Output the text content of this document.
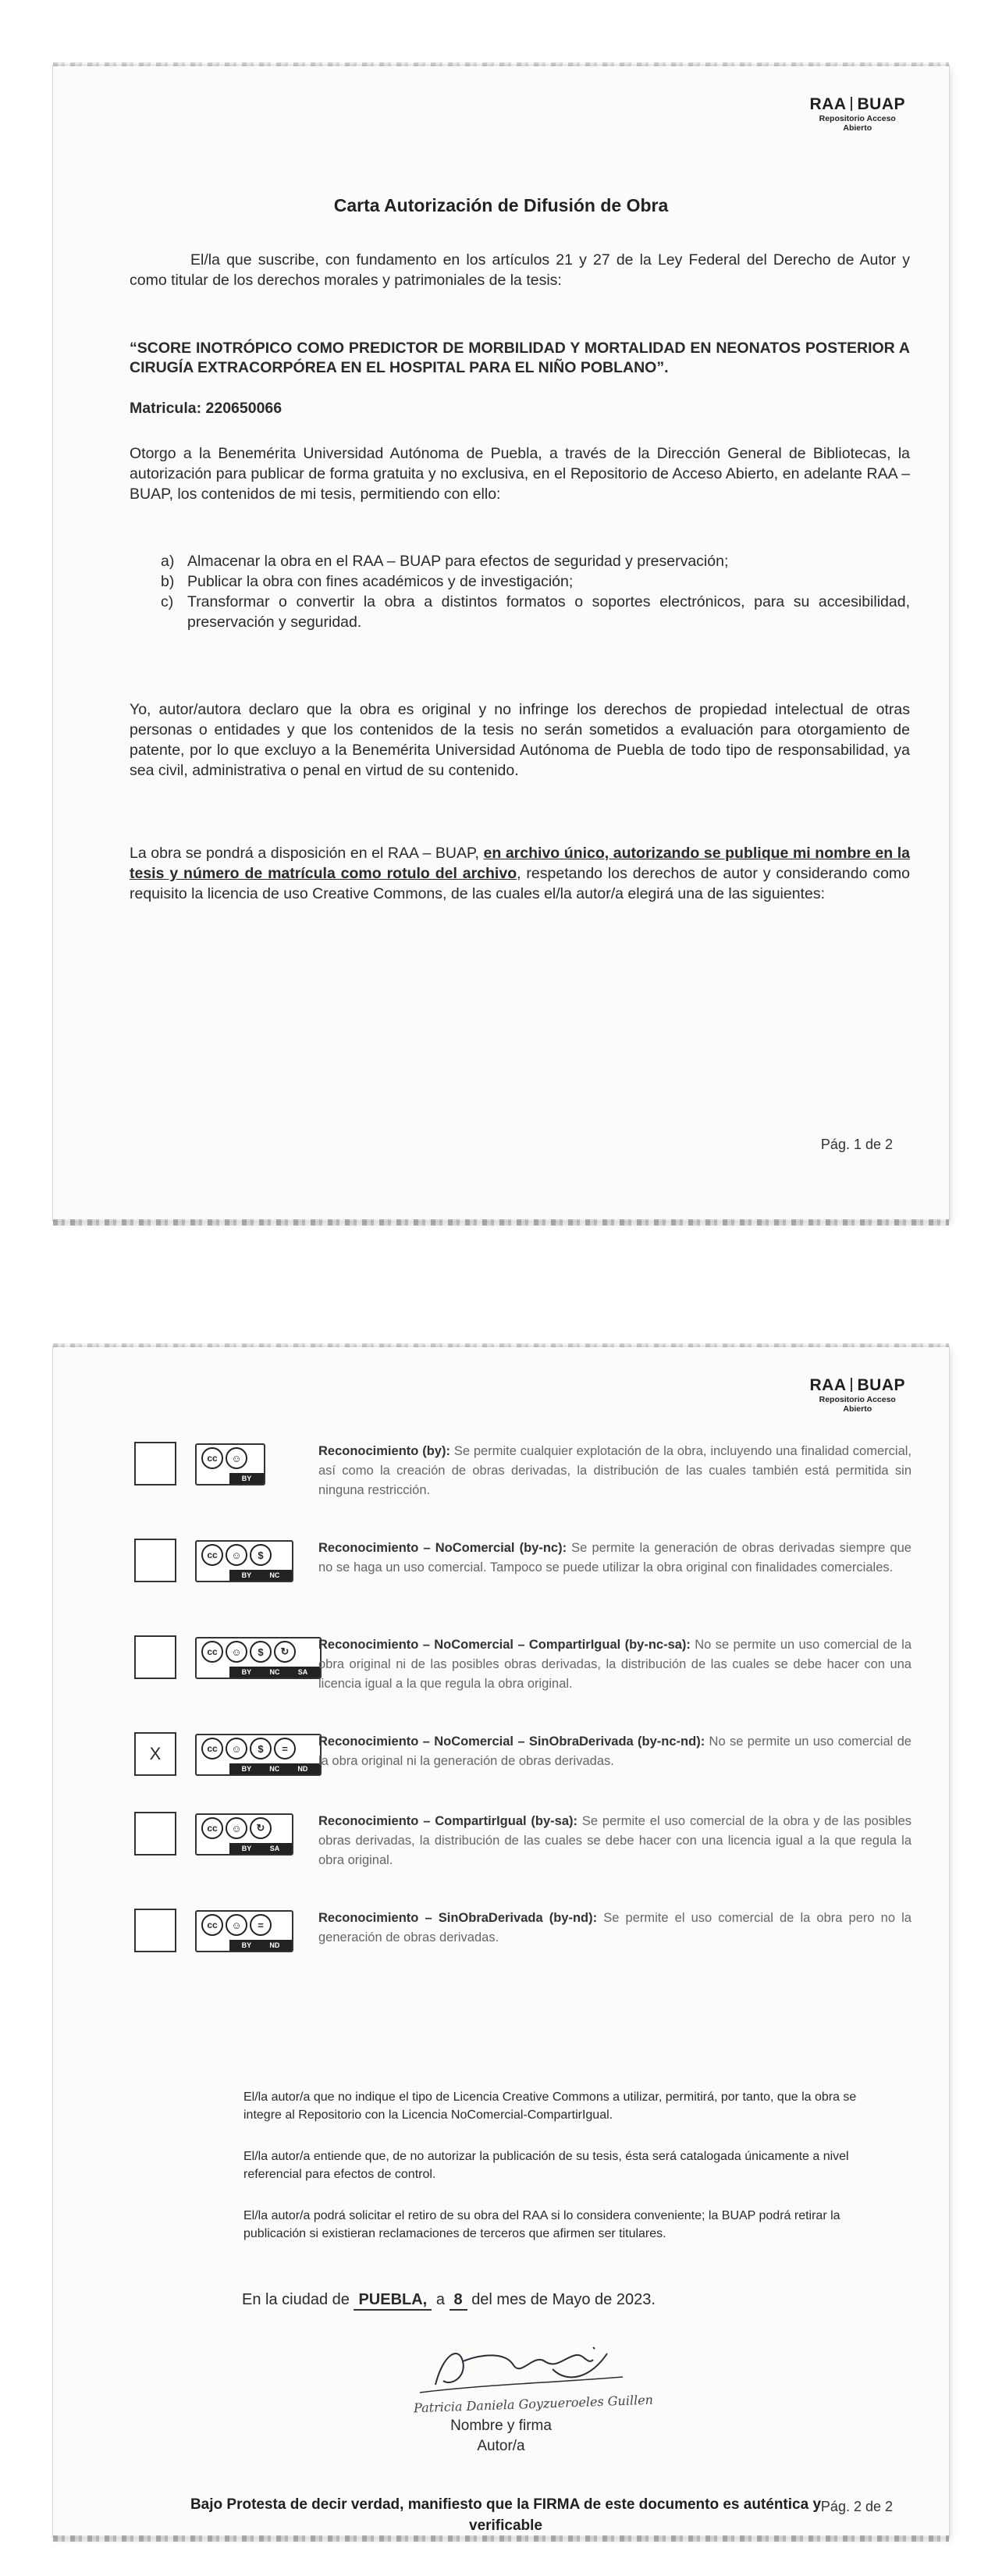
RAA BUAP
Repositorio Acceso
Abierto
Carta Autorización de Difusión de Obra
El/la que suscribe, con fundamento en los artículos 21 y 27 de la Ley Federal del Derecho de Autor y como titular de los derechos morales y patrimoniales de la tesis:
“SCORE INOTRÓPICO COMO PREDICTOR DE MORBILIDAD Y MORTALIDAD EN NEONATOS POSTERIOR A CIRUGÍA EXTRACORPÓREA EN EL HOSPITAL PARA EL NIÑO POBLANO”.
Matricula: 220650066
Otorgo a la Benemérita Universidad Autónoma de Puebla, a través de la Dirección General de Bibliotecas, la autorización para publicar de forma gratuita y no exclusiva, en el Repositorio de Acceso Abierto, en adelante RAA – BUAP, los contenidos de mi tesis, permitiendo con ello:
a) Almacenar la obra en el RAA – BUAP para efectos de seguridad y preservación;
b) Publicar la obra con fines académicos y de investigación;
c) Transformar o convertir la obra a distintos formatos o soportes electrónicos, para su accesibilidad, preservación y seguridad.
Yo, autor/autora declaro que la obra es original y no infringe los derechos de propiedad intelectual de otras personas o entidades y que los contenidos de la tesis no serán sometidos a evaluación para otorgamiento de patente, por lo que excluyo a la Benemérita Universidad Autónoma de Puebla de todo tipo de responsabilidad, ya sea civil, administrativa o penal en virtud de su contenido.
La obra se pondrá a disposición en el RAA – BUAP, en archivo único, autorizando se publique mi nombre en la tesis y número de matrícula como rotulo del archivo, respetando los derechos de autor y considerando como requisito la licencia de uso Creative Commons, de las cuales el/la autor/a elegirá una de las siguientes:
Pág. 1 de 2
RAA BUAP
Repositorio Acceso
Abierto
cc	☺
BY
Reconocimiento (by): Se permite cualquier explotación de la obra, incluyendo una finalidad comercial, así como la creación de obras derivadas, la distribución de las cuales también está permitida sin ninguna restricción.
cc	☺	$
BY	NC
Reconocimiento – NoComercial (by-nc): Se permite la generación de obras derivadas siempre que no se haga un uso comercial. Tampoco se puede utilizar la obra original con finalidades comerciales.
cc	☺	$	↻
BY	NC	SA
Reconocimiento – NoComercial – CompartirIgual (by-nc-sa): No se permite un uso comercial de la obra original ni de las posibles obras derivadas, la distribución de las cuales se debe hacer con una licencia igual a la que regula la obra original.
X	cc	☺	$	=
BY	NC	ND
Reconocimiento – NoComercial – SinObraDerivada (by-nc-nd): No se permite un uso comercial de la obra original ni la generación de obras derivadas.
cc	☺	↻
BY	SA
Reconocimiento – CompartirIgual (by-sa): Se permite el uso comercial de la obra y de las posibles obras derivadas, la distribución de las cuales se debe hacer con una licencia igual a la que regula la obra original.
cc	☺	=
BY	ND
Reconocimiento – SinObraDerivada (by-nd): Se permite el uso comercial de la obra pero no la generación de obras derivadas.
El/la autor/a que no indique el tipo de Licencia Creative Commons a utilizar, permitirá, por tanto, que la obra se integre al Repositorio con la Licencia NoComercial-CompartirIgual.
El/la autor/a entiende que, de no autorizar la publicación de su tesis, ésta será catalogada únicamente a nivel referencial para efectos de control.
El/la autor/a podrá solicitar el retiro de su obra del RAA si lo considera conveniente; la BUAP podrá retirar la publicación si existieran reclamaciones de terceros que afirmen ser titulares.
En la ciudad de PUEBLA, a 8 del mes de Mayo de 2023.
Patricia Daniela Goyzueroeles Guillen
Nombre y firma
Autor/a
Bajo Protesta de decir verdad, manifiesto que la FIRMA de este documento es auténtica y verificable
Pág. 2 de 2
